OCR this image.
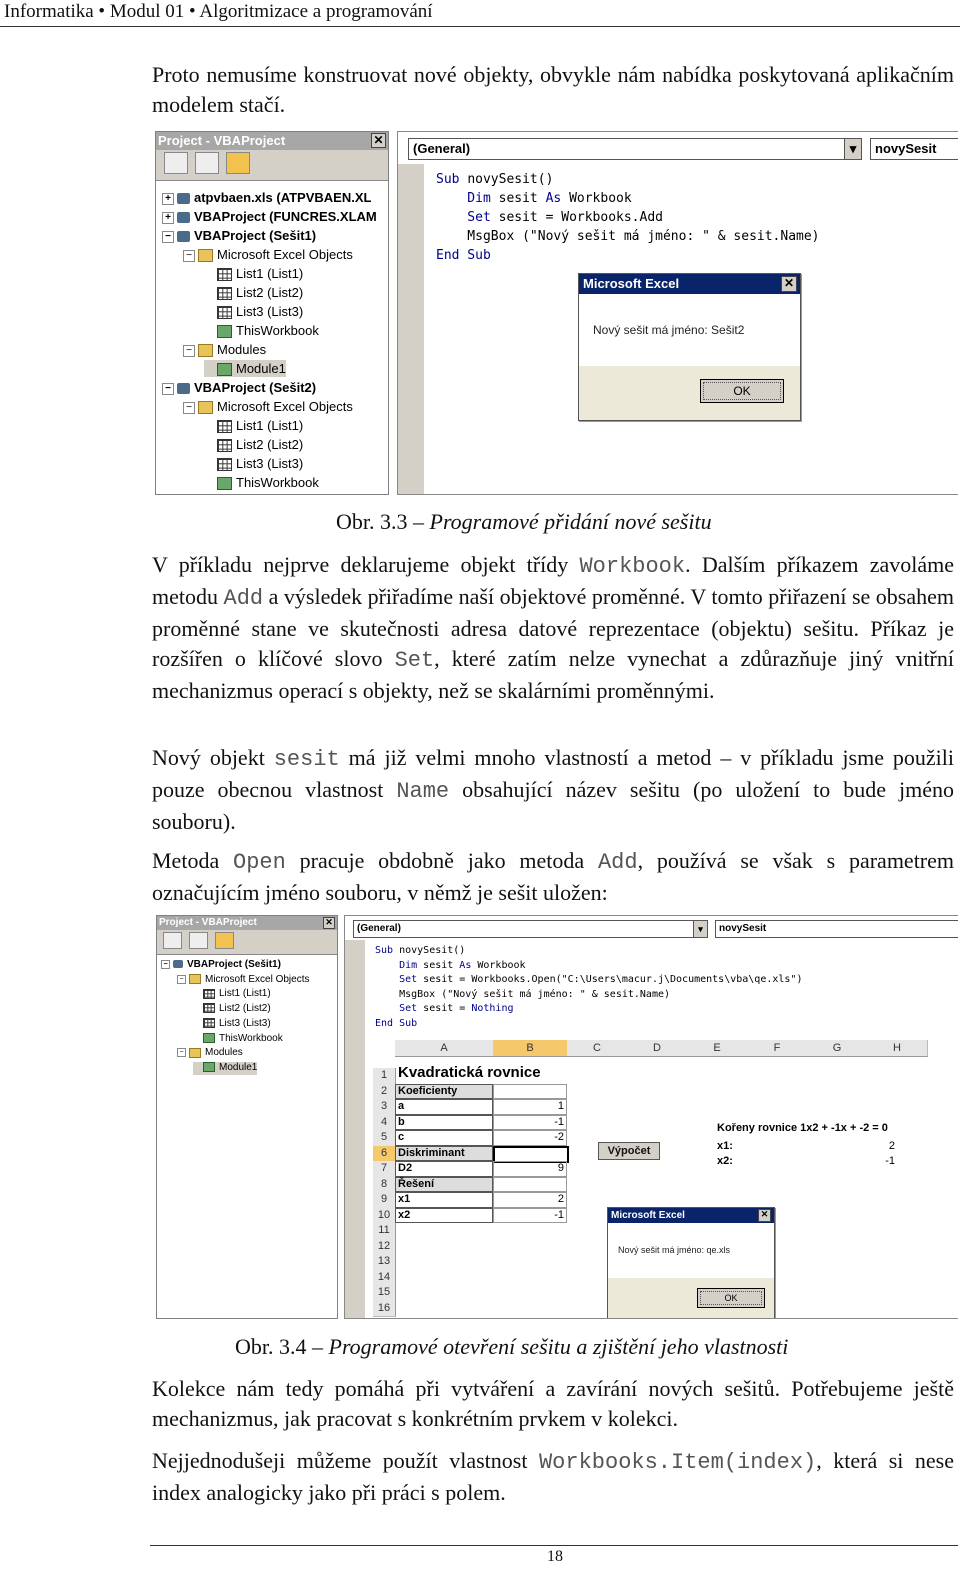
Informatika • Modul 01 • Algoritmizace a programování
Proto nemusíme konstruovat nové objekty, obvykle nám nabídka poskytovaná aplikačním modelem stačí.
Project - VBAProject	✕

+ atpvbaen.xls (ATPVBAEN.XL
+ VBAProject (FUNCRES.XLAM
− VBAProject (Sešit1)
− Microsoft Excel Objects
List1 (List1)
List2 (List2)
List3 (List3)
ThisWorkbook
− Modules
Module1
− VBAProject (Sešit2)
− Microsoft Excel Objects
List1 (List1)
List2 (List2)
List3 (List3)
ThisWorkbook
(General)	▾	novySesit
Sub novySesit()
Dim sesit As Workbook
Set sesit = Workbooks.Add
MsgBox ("Nový sešit má jméno: " & sesit.Name)
End Sub
Microsoft Excel	✕
Nový sešit má jméno: Sešit2
OK
Obr. 3.3 – Programové přidání nové sešitu
V příkladu nejprve deklarujeme objekt třídy Workbook. Dalším příkazem zavoláme metodu Add a výsledek přiřadíme naší objektové proměnné. V tomto přiřazení se obsahem proměnné stane ve skutečnosti adresa datové reprezentace (objektu) sešitu. Příkaz je rozšířen o klíčové slovo Set, které zatím nelze vynechat a zdůrazňuje jiný vnitřní mechanizmus operací s objekty, než se skalárními proměnnými.
Nový objekt sesit má již velmi mnoho vlastností a metod – v příkladu jsme použili pouze obecnou vlastnost Name obsahující název sešitu (po uložení to bude jméno souboru).
Metoda Open pracuje obdobně jako metoda Add, používá se však s parametrem označujícím jméno souboru, v němž je sešit uložen:
Project - VBAProject	✕

− VBAProject (Sešit1)
− Microsoft Excel Objects
List1 (List1)
List2 (List2)
List3 (List3)
ThisWorkbook
− Modules
Module1
(General)	▾	novySesit
Sub novySesit()
Dim sesit As Workbook
Set sesit = Workbooks.Open("C:\Users\macur.j\Documents\vba\qe.xls")
MsgBox ("Nový sešit má jméno: " & sesit.Name)
Set sesit = Nothing
End Sub
A	B	C	D	E	F	G	H
1
2
3
4
5
6
7
8
9
10
11
12
13
14
15
16
Kvadratická rovnice
Koeficienty
a	1
b	-1
c	-2
Diskriminant
D2	9
Řešení
x1	2
x2	-1
Výpočet
Kořeny rovnice 1x2 + -1x + -2 = 0
x1:	2
x2:	-1
Microsoft Excel	✕
Nový sešit má jméno: qe.xls
OK
Obr. 3.4 – Programové otevření sešitu a zjištění jeho vlastnosti
Kolekce nám tedy pomáhá při vytváření a zavírání nových sešitů. Potřebujeme ještě mechanizmus, jak pracovat s konkrétním prvkem v kolekci.
Nejjednodušeji můžeme použít vlastnost Workbooks.Item(index), která si nese index analogicky jako při práci s polem.
18
